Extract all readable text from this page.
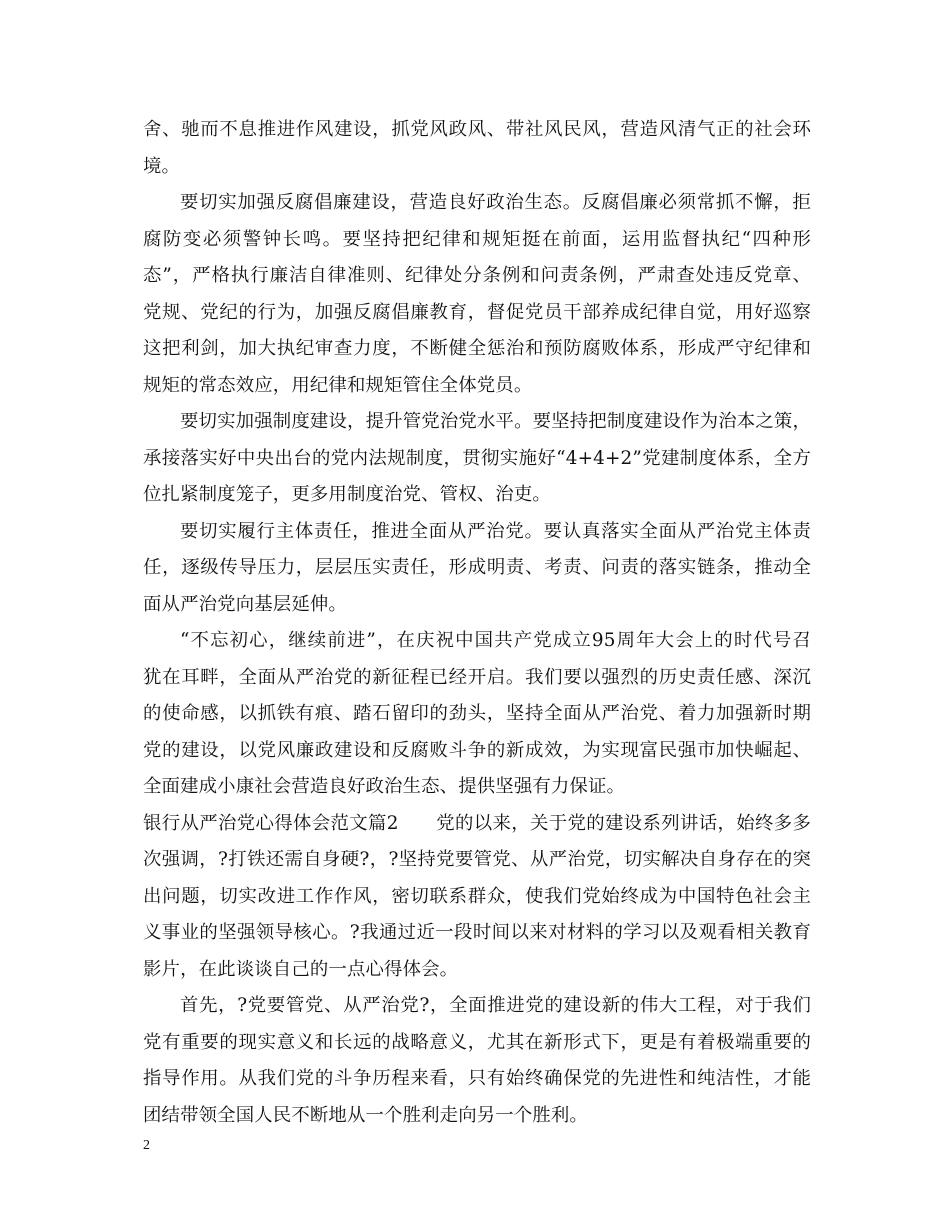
舍、驰而不息推进作风建设，抓党风政风、带社风民风，营造风清气正的社会环
境。
要切实加强反腐倡廉建设，营造良好政治生态。反腐倡廉必须常抓不懈，拒
腐防变必须警钟长鸣。要坚持把纪律和规矩挺在前面，运用监督执纪“四种形
态”，严格执行廉洁自律准则、纪律处分条例和问责条例，严肃查处违反党章、
党规、党纪的行为，加强反腐倡廉教育，督促党员干部养成纪律自觉，用好巡察
这把利剑，加大执纪审查力度，不断健全惩治和预防腐败体系，形成严守纪律和
规矩的常态效应，用纪律和规矩管住全体党员。
要切实加强制度建设，提升管党治党水平。要坚持把制度建设作为治本之策，
承接落实好中央出台的党内法规制度，贯彻实施好“4+4+2”党建制度体系，全方
位扎紧制度笼子，更多用制度治党、管权、治吏。
要切实履行主体责任，推进全面从严治党。要认真落实全面从严治党主体责
任，逐级传导压力，层层压实责任，形成明责、考责、问责的落实链条，推动全
面从严治党向基层延伸。
“不忘初心，继续前进”，在庆祝中国共产党成立95周年大会上的时代号召
犹在耳畔，全面从严治党的新征程已经开启。我们要以强烈的历史责任感、深沉
的使命感，以抓铁有痕、踏石留印的劲头，坚持全面从严治党、着力加强新时期
党的建设，以党风廉政建设和反腐败斗争的新成效，为实现富民强市加快崛起、
全面建成小康社会营造良好政治生态、提供坚强有力保证。
银行从严治党心得体会范文篇2　　党的以来，关于党的建设系列讲话，始终多多
次强调，?打铁还需自身硬?，?坚持党要管党、从严治党，切实解决自身存在的突
出问题，切实改进工作作风，密切联系群众，使我们党始终成为中国特色社会主
义事业的坚强领导核心。?我通过近一段时间以来对材料的学习以及观看相关教育
影片，在此谈谈自己的一点心得体会。
首先，?党要管党、从严治党?，全面推进党的建设新的伟大工程，对于我们
党有重要的现实意义和长远的战略意义，尤其在新形式下，更是有着极端重要的
指导作用。从我们党的斗争历程来看，只有始终确保党的先进性和纯洁性，才能
团结带领全国人民不断地从一个胜利走向另一个胜利。
2
